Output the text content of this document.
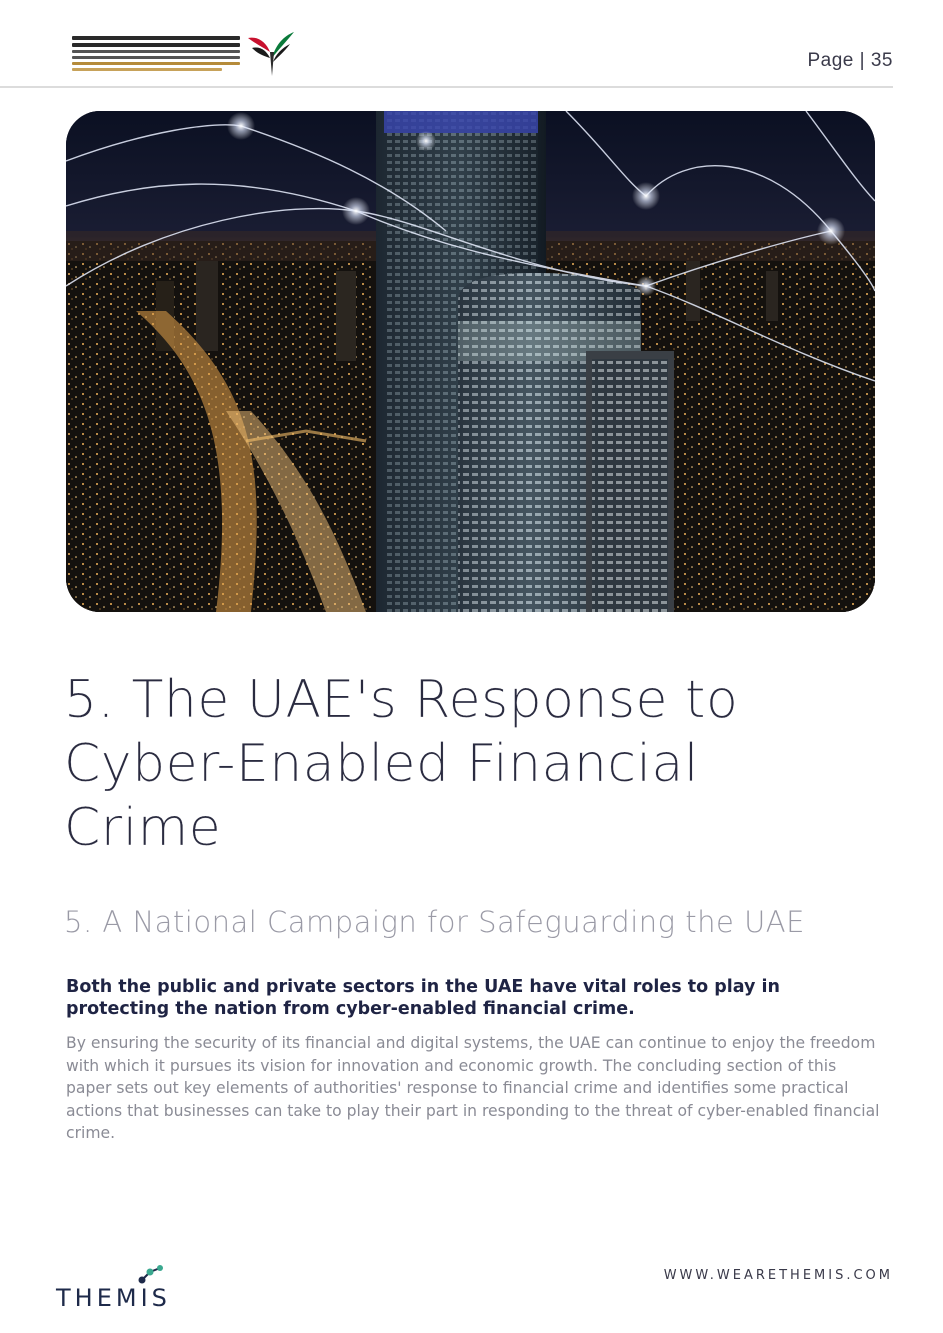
Page | 35
5. The UAE's Response to Cyber-Enabled Financial Crime
5. A National Campaign for Safeguarding the UAE

Both the public and private sectors in the UAE have vital roles to play in protecting the nation from cyber-enabled financial crime.

By ensuring the security of its financial and digital systems, the UAE can continue to enjoy the freedom with which it pursues its vision for innovation and economic growth. The concluding section of this paper sets out key elements of authorities' response to financial crime and identifies some practical actions that businesses can take to play their part in responding to the threat of cyber-enabled financial crime.

THEMIS
WWW.WEARETHEMIS.COM
